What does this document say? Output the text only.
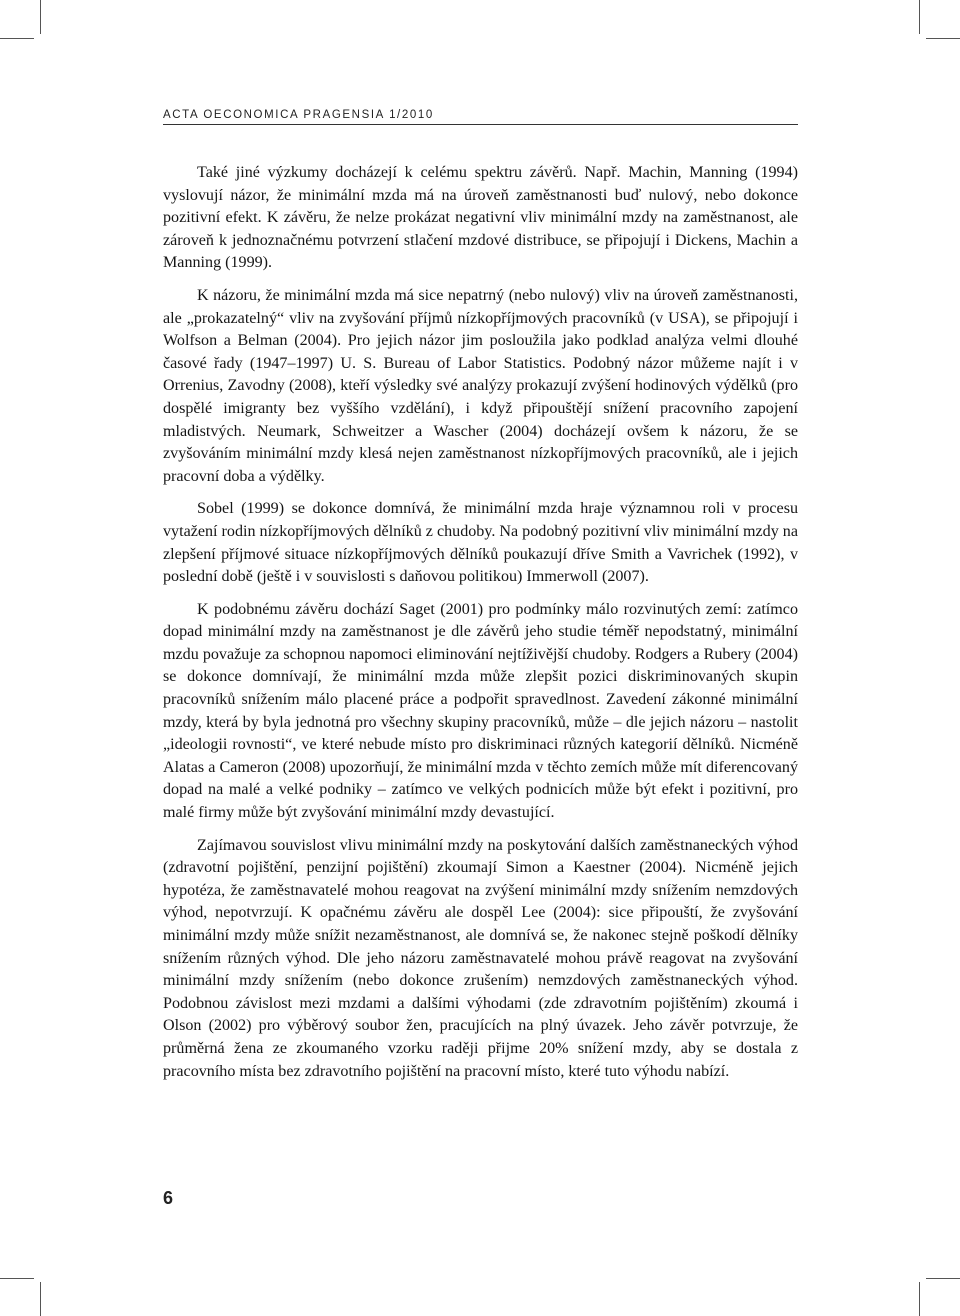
ACTA OECONOMICA PRAGENSIA 1/2010

Také jiné výzkumy docházejí k celému spektru závěrů. Např. Machin, Manning (1994) vyslovují názor, že minimální mzda má na úroveň zaměstnanosti buď nulový, nebo dokonce pozitivní efekt. K závěru, že nelze prokázat negativní vliv minimální mzdy na zaměstnanost, ale zároveň k jednoznačnému potvrzení stlačení mzdové distribuce, se připojují i Dickens, Machin a Manning (1999).

K názoru, že minimální mzda má sice nepatrný (nebo nulový) vliv na úroveň zaměstnanosti, ale „prokazatelný“ vliv na zvyšování příjmů nízkopříjmových pracovníků (v USA), se připojují i Wolfson a Belman (2004). Pro jejich názor jim posloužila jako podklad analýza velmi dlouhé časové řady (1947–1997) U. S. Bureau of Labor Statistics. Podobný názor můžeme najít i v Orrenius, Zavodny (2008), kteří výsledky své analýzy prokazují zvýšení hodinových výdělků (pro dospělé imigranty bez vyššího vzdělání), i když připouštějí snížení pracovního zapojení mladistvých. Neumark, Schweitzer a Wascher (2004) docházejí ovšem k názoru, že se zvyšováním minimální mzdy klesá nejen zaměstnanost nízkopříjmových pracovníků, ale i jejich pracovní doba a výdělky.

Sobel (1999) se dokonce domnívá, že minimální mzda hraje významnou roli v procesu vytažení rodin nízkopříjmových dělníků z chudoby. Na podobný pozitivní vliv minimální mzdy na zlepšení příjmové situace nízkopříjmových dělníků poukazují dříve Smith a Vavrichek (1992), v poslední době (ještě i v souvislosti s daňovou politikou) Immerwoll (2007).

K podobnému závěru dochází Saget (2001) pro podmínky málo rozvinutých zemí: zatímco dopad minimální mzdy na zaměstnanost je dle závěrů jeho studie téměř nepodstatný, minimální mzdu považuje za schopnou napomoci eliminování nejtíživější chudoby. Rodgers a Rubery (2004) se dokonce domnívají, že minimální mzda může zlepšit pozici diskriminovaných skupin pracovníků snížením málo placené práce a podpořit spravedlnost. Zavedení zákonné minimální mzdy, která by byla jednotná pro všechny skupiny pracovníků, může – dle jejich názoru – nastolit „ideologii rovnosti“, ve které nebude místo pro diskriminaci různých kategorií dělníků. Nicméně Alatas a Cameron (2008) upozorňují, že minimální mzda v těchto zemích může mít diferencovaný dopad na malé a velké podniky – zatímco ve velkých podnicích může být efekt i pozitivní, pro malé firmy může být zvyšování minimální mzdy devastující.

Zajímavou souvislost vlivu minimální mzdy na poskytování dalších zaměstnaneckých výhod (zdravotní pojištění, penzijní pojištění) zkoumají Simon a Kaestner (2004). Nicméně jejich hypotéza, že zaměstnavatelé mohou reagovat na zvýšení minimální mzdy snížením nemzdových výhod, nepotvrzují. K opačnému závěru ale dospěl Lee (2004): sice připouští, že zvyšování minimální mzdy může snížit nezaměstnanost, ale domnívá se, že nakonec stejně poškodí dělníky snížením různých výhod. Dle jeho názoru zaměstnavatelé mohou právě reagovat na zvyšování minimální mzdy snížením (nebo dokonce zrušením) nemzdových zaměstnaneckých výhod. Podobnou závislost mezi mzdami a dalšími výhodami (zde zdravotním pojištěním) zkoumá i Olson (2002) pro výběrový soubor žen, pracujících na plný úvazek. Jeho závěr potvrzuje, že průměrná žena ze zkoumaného vzorku raději přijme 20% snížení mzdy, aby se dostala z pracovního místa bez zdravotního pojištění na pracovní místo, které tuto výhodu nabízí.

6
